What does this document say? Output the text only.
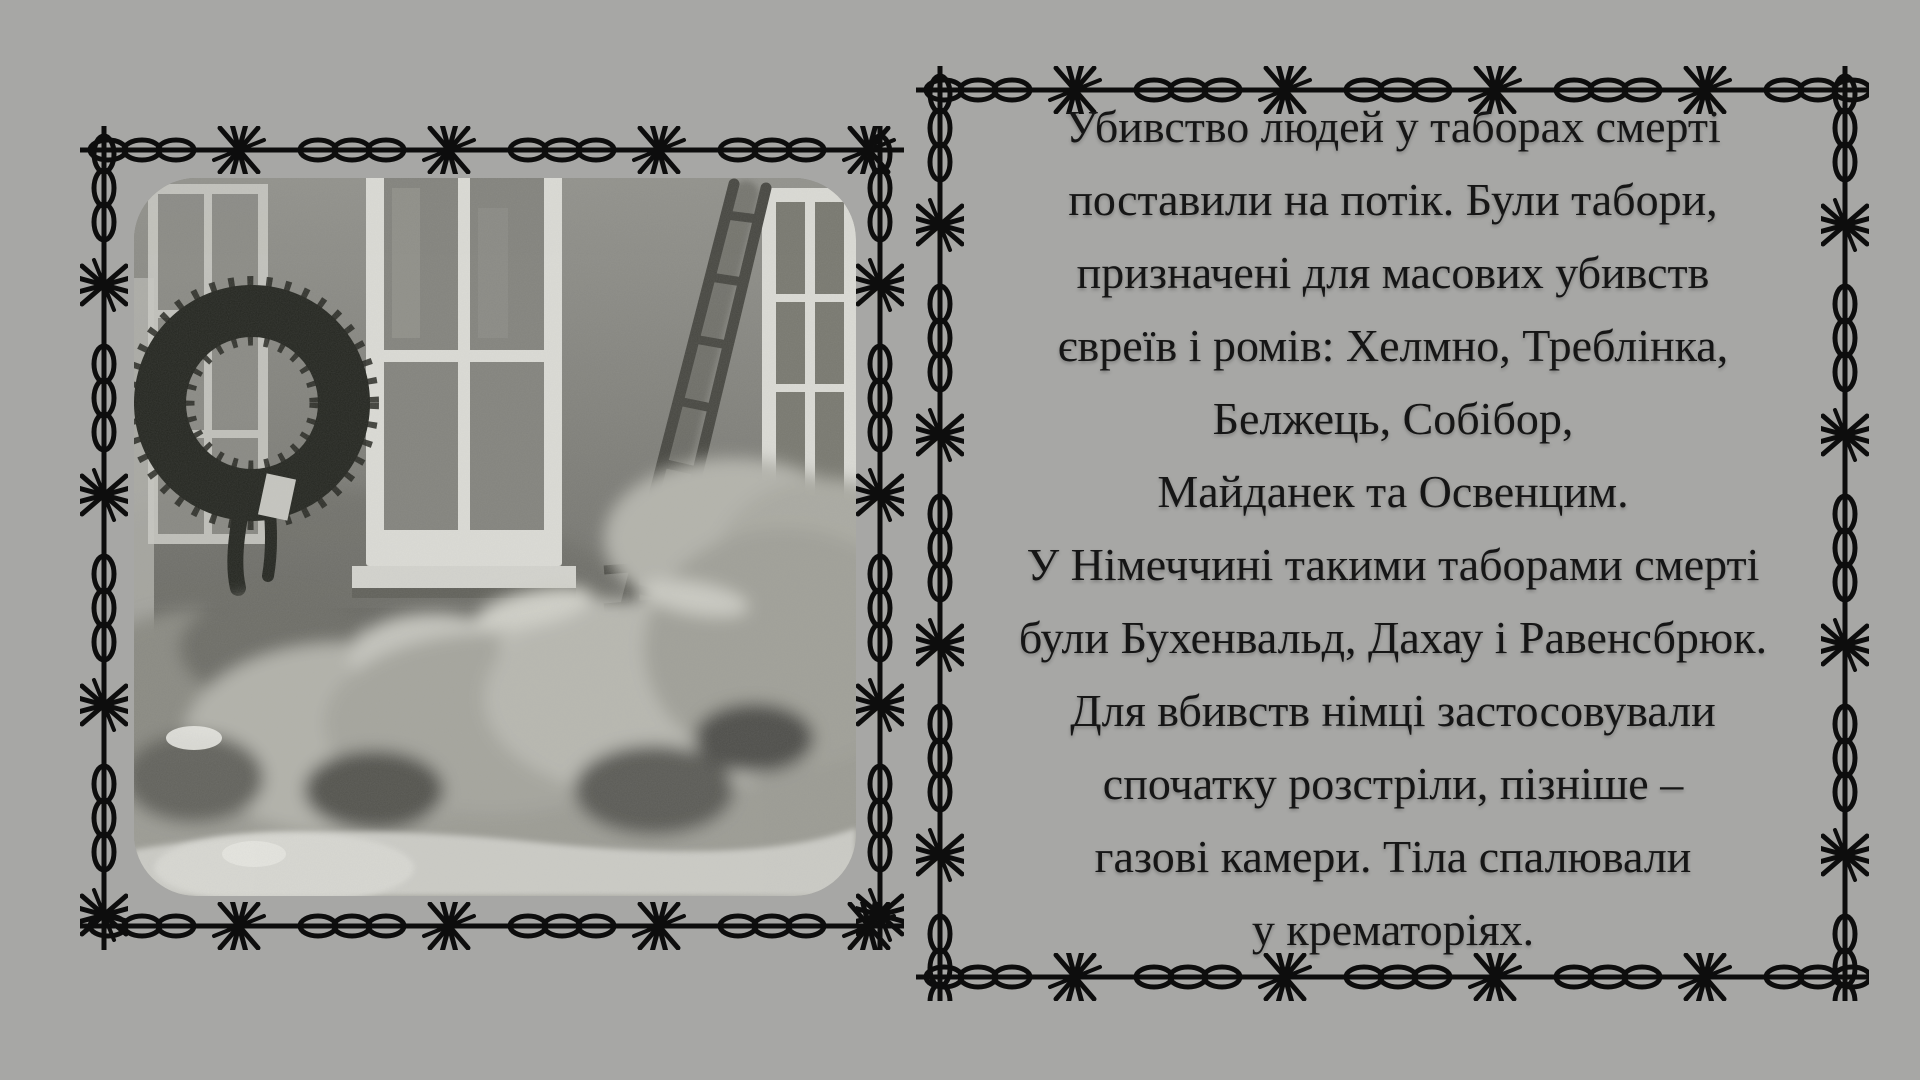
Убивство людей у таборах смерті
поставили на потік. Були табори,
призначені для масових убивств
євреїв і ромів: Хелмно, Треблінка,
Белжець, Собібор,
Майданек та Освенцим.
У Німеччині такими таборами смерті
були Бухенвальд, Дахау і Равенсбрюк.
Для вбивств німці застосовували
спочатку розстріли, пізніше –
газові камери. Тіла спалювали
у крематоріях.
